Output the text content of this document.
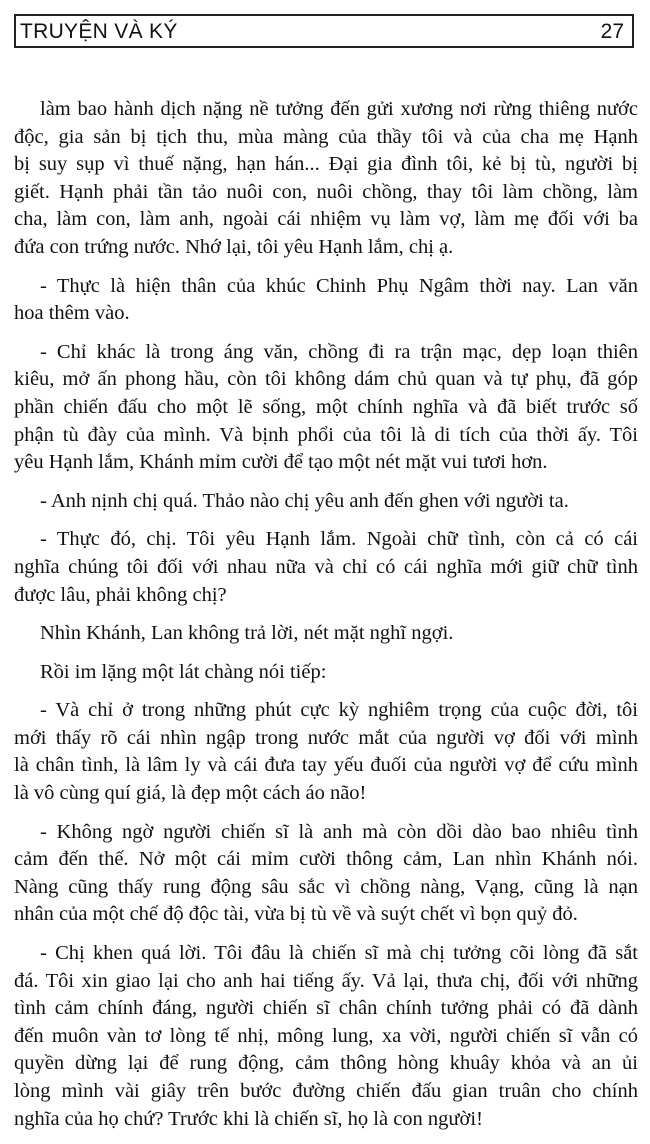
TRUYỆN VÀ KÝ	27

làm bao hành dịch nặng nề tưởng đến gửi xương nơi rừng thiêng nước
độc, gia sản bị tịch thu, mùa màng của thầy tôi và của cha mẹ Hạnh
bị suy sụp vì thuế nặng, hạn hán... Đại gia đình tôi, kẻ bị tù, người bị
giết. Hạnh phải tần tảo nuôi con, nuôi chồng, thay tôi làm chồng, làm
cha, làm con, làm anh, ngoài cái nhiệm vụ làm vợ, làm mẹ đối với ba
đứa con trứng nước. Nhớ lại, tôi yêu Hạnh lắm, chị ạ.

- Thực là hiện thân của khúc Chinh Phụ Ngâm thời nay. Lan văn
hoa thêm vào.

- Chỉ khác là trong áng văn, chồng đi ra trận mạc, dẹp loạn thiên
kiêu, mở ấn phong hầu, còn tôi không dám chủ quan và tự phụ, đã góp
phần chiến đấu cho một lẽ sống, một chính nghĩa và đã biết trước số
phận tù đày của mình. Và bịnh phổi của tôi là di tích của thời ấy. Tôi
yêu Hạnh lắm, Khánh mỉm cười để tạo một nét mặt vui tươi hơn.

- Anh nịnh chị quá. Thảo nào chị yêu anh đến ghen với người ta.

- Thực đó, chị. Tôi yêu Hạnh lắm. Ngoài chữ tình, còn cả có cái
nghĩa chúng tôi đối với nhau nữa và chỉ có cái nghĩa mới giữ chữ tình
được lâu, phải không chị?

Nhìn Khánh, Lan không trả lời, nét mặt nghĩ ngợi.

Rồi im lặng một lát chàng nói tiếp:

- Và chỉ ở trong những phút cực kỳ nghiêm trọng của cuộc đời, tôi
mới thấy rõ cái nhìn ngập trong nước mắt của người vợ đối với mình
là chân tình, là lâm ly và cái đưa tay yếu đuối của người vợ để cứu mình
là vô cùng quí giá, là đẹp một cách áo não!

- Không ngờ người chiến sĩ là anh mà còn dồi dào bao nhiêu tình
cảm đến thế. Nở một cái mỉm cười thông cảm, Lan nhìn Khánh nói.
Nàng cũng thấy rung động sâu sắc vì chồng nàng, Vạng, cũng là nạn
nhân của một chế độ độc tài, vừa bị tù về và suýt chết vì bọn quỷ đỏ.

- Chị khen quá lời. Tôi đâu là chiến sĩ mà chị tưởng cõi lòng đã sắt
đá. Tôi xin giao lại cho anh hai tiếng ấy. Vả lại, thưa chị, đối với những
tình cảm chính đáng, người chiến sĩ chân chính tưởng phải có đã dành
đến muôn vàn tơ lòng tế nhị, mông lung, xa vời, người chiến sĩ vẫn có
quyền dừng lại để rung động, cảm thông hòng khuây khỏa và an ủi
lòng mình vài giây trên bước đường chiến đấu gian truân cho chính
nghĩa của họ chứ? Trước khi là chiến sĩ, họ là con người!
